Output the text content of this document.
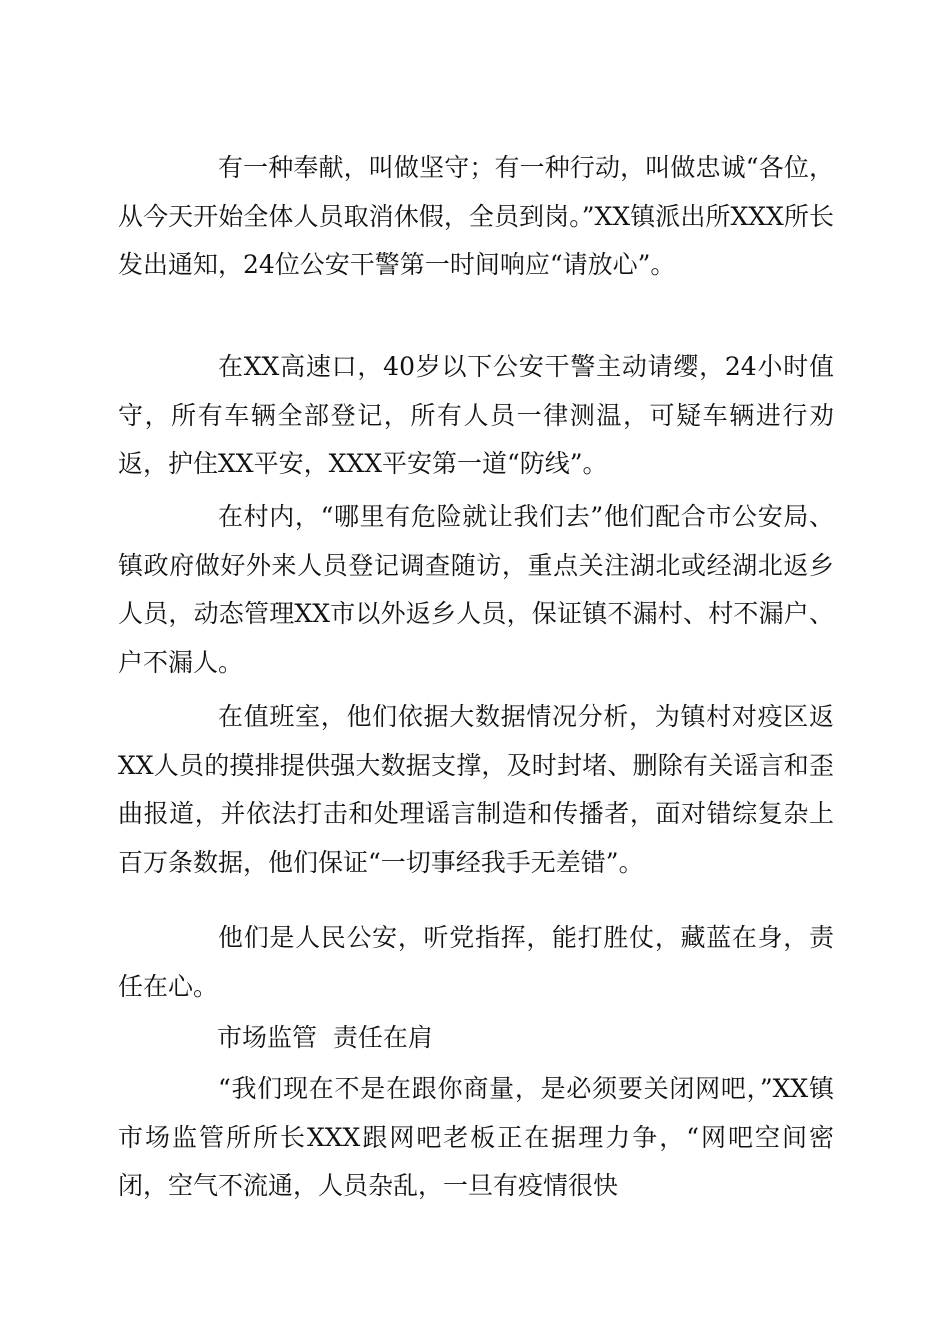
有一种奉献，叫做坚守；有一种行动，叫做忠诚“各位，从今天开始全体人员取消休假，全员到岗。”XX镇派出所XXX所长发出通知，24位公安干警第一时间响应“请放心”。

在XX高速口，40岁以下公安干警主动请缨，24小时值守，所有车辆全部登记，所有人员一律测温，可疑车辆进行劝返，护住XX平安，XXX平安第一道“防线”。

在村内，“哪里有危险就让我们去”他们配合市公安局、镇政府做好外来人员登记调查随访，重点关注湖北或经湖北返乡人员，动态管理XX市以外返乡人员，保证镇不漏村、村不漏户、户不漏人。

在值班室，他们依据大数据情况分析，为镇村对疫区返XX人员的摸排提供强大数据支撑，及时封堵、删除有关谣言和歪曲报道，并依法打击和处理谣言制造和传播者，面对错综复杂上百万条数据，他们保证“一切事经我手无差错”。

他们是人民公安，听党指挥，能打胜仗，藏蓝在身，责任在心。

市场监管  责任在肩

“我们现在不是在跟你商量，是必须要关闭网吧，”XX镇市场监管所所长XXX跟网吧老板正在据理力争，“网吧空间密闭，空气不流通，人员杂乱，一旦有疫情很快
